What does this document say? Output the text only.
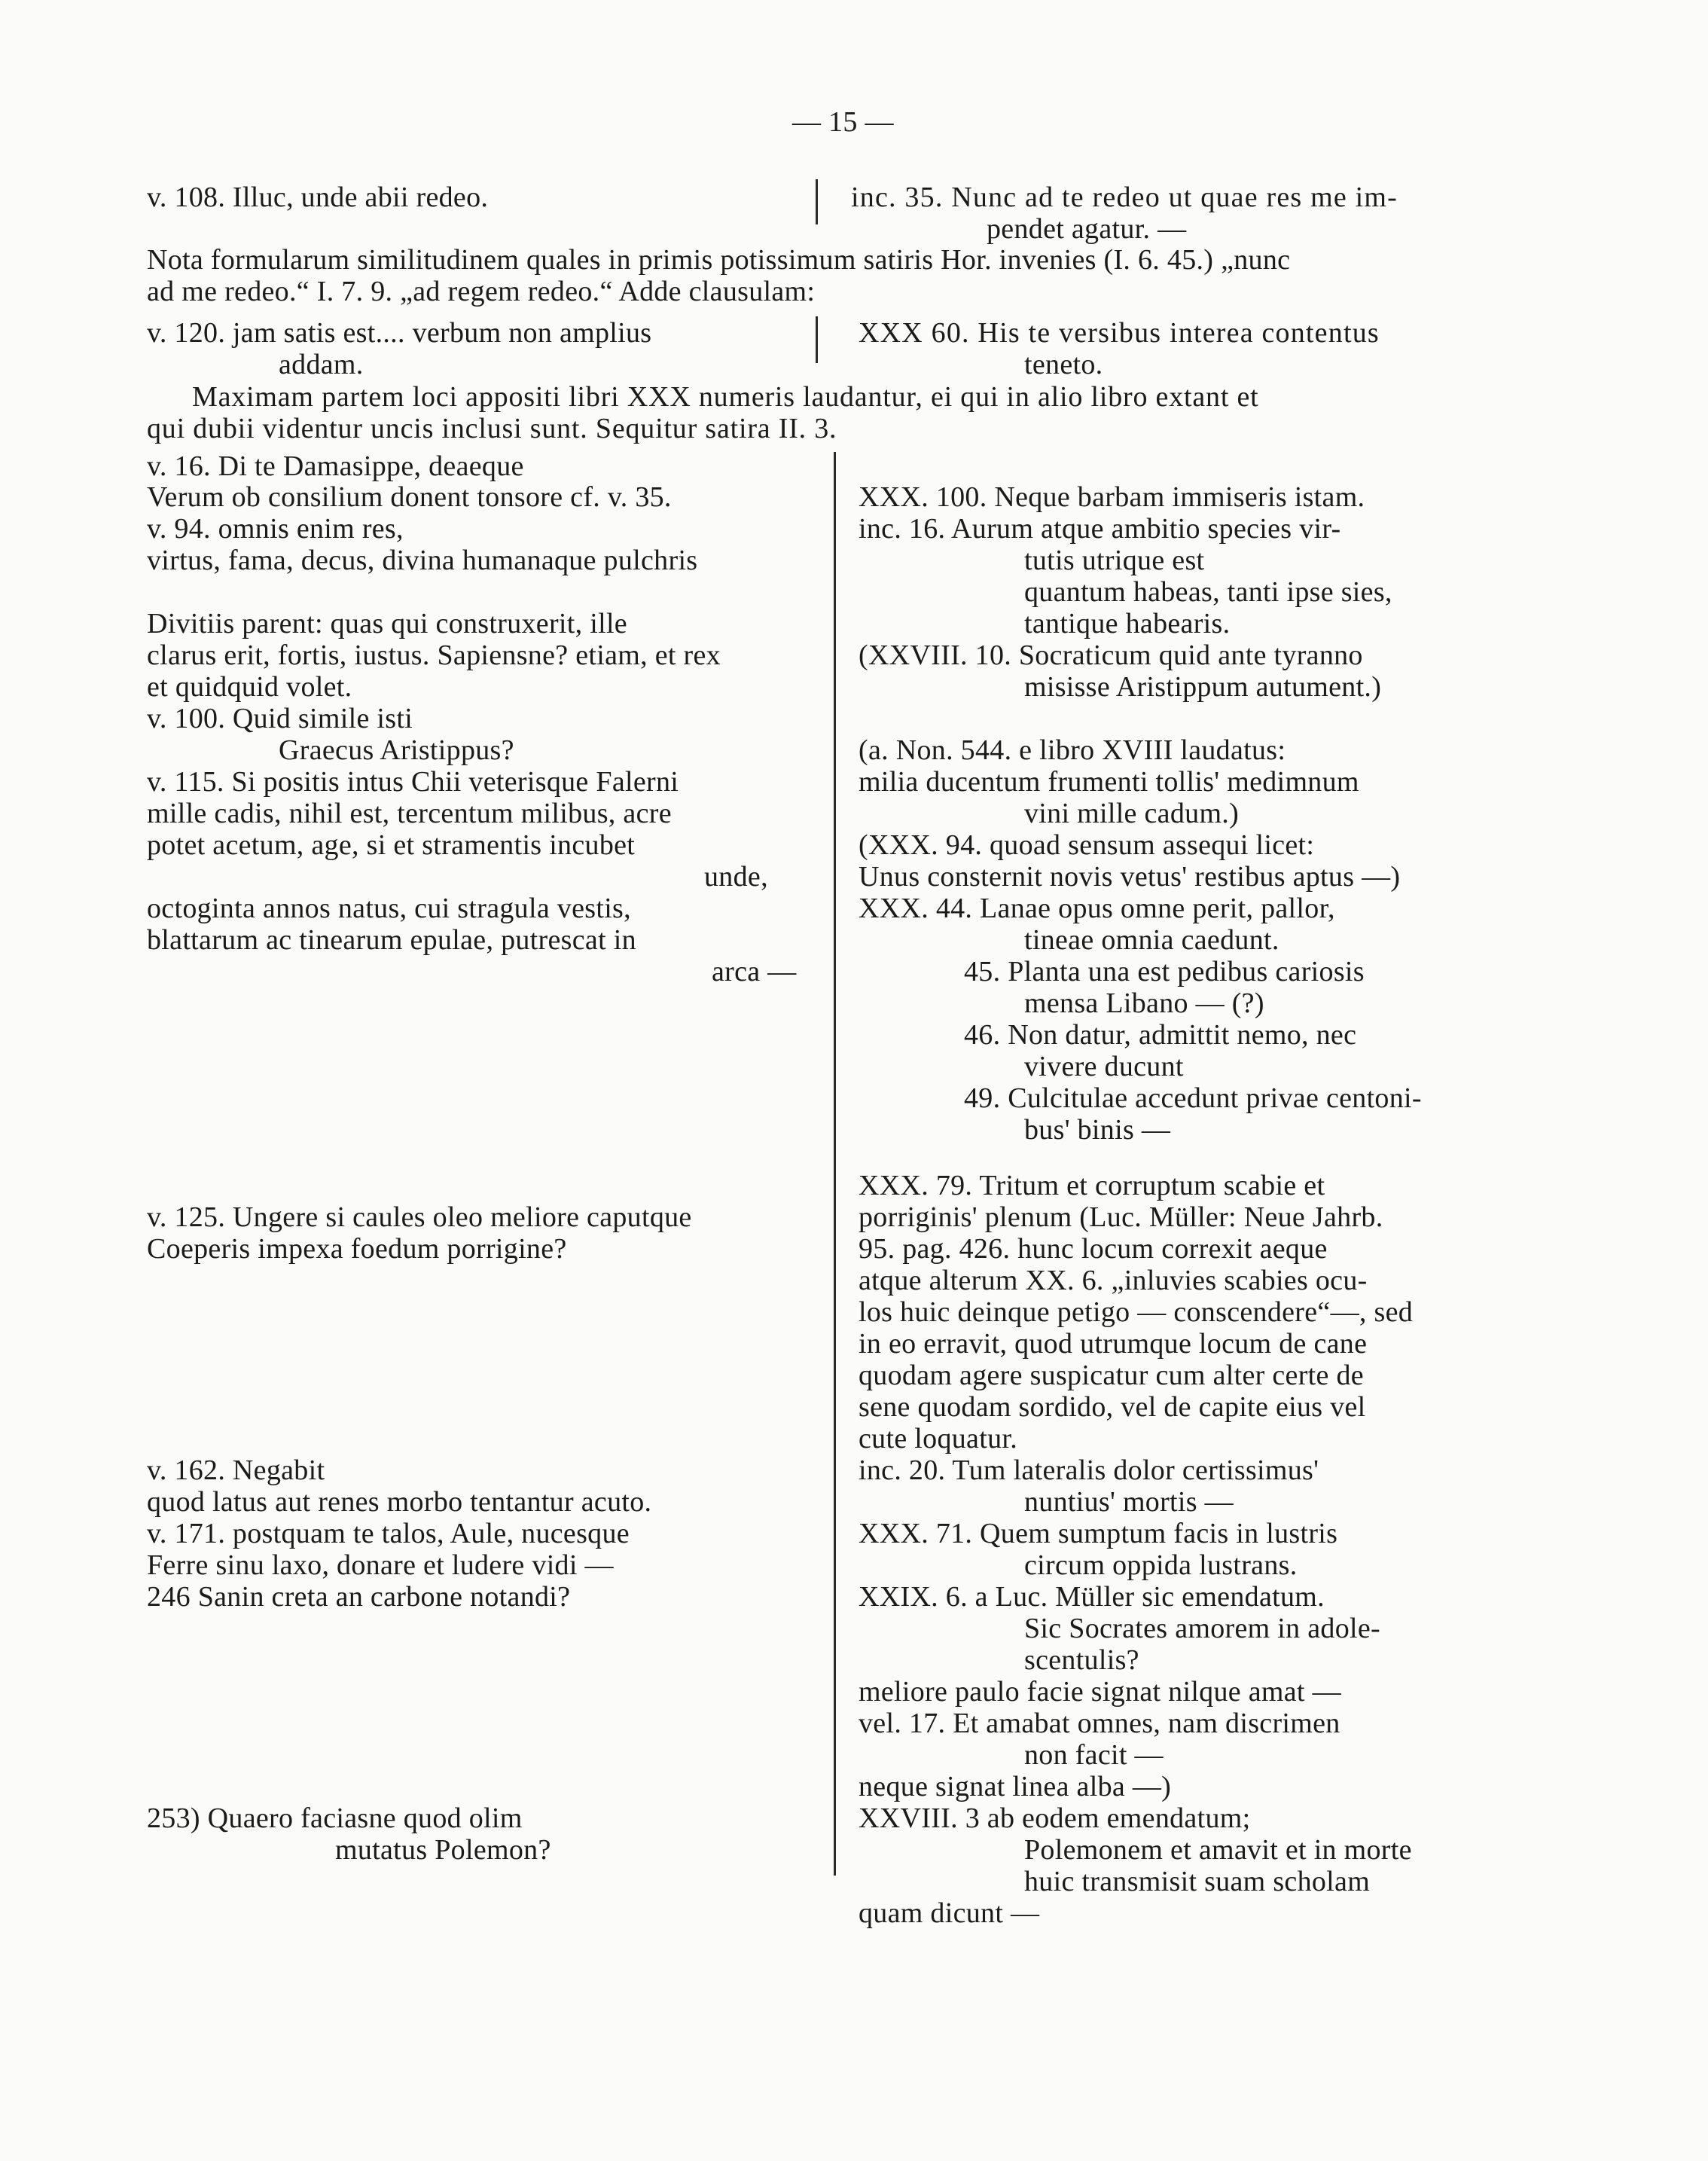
— 15 —
v. 108. Illuc, unde abii redeo.	inc. 35. Nunc ad te redeo ut quae res me im-
pendet agatur. —
Nota formularum similitudinem quales in primis potissimum satiris Hor. invenies (I. 6. 45.) „nunc
ad me redeo.“ I. 7. 9. „ad regem redeo.“ Adde clausulam:
v. 120. jam satis est.... verbum non amplius	XXX 60. His te versibus interea contentus
addam.	teneto.
Maximam partem loci appositi libri XXX numeris laudantur, ei qui in alio libro extant et
qui dubii videntur uncis inclusi sunt. Sequitur satira II. 3.
v. 16. Di te Damasippe, deaeque
Verum ob consilium donent tonsore cf. v. 35.	XXX. 100. Neque barbam immiseris istam.
v. 94. omnis enim res,	inc. 16. Aurum atque ambitio species vir-
virtus, fama, decus, divina humanaque pulchris	tutis utrique est
quantum habeas, tanti ipse sies,
Divitiis parent: quas qui construxerit, ille	tantique habearis.
clarus erit, fortis, iustus. Sapiensne? etiam, et rex	(XXVIII. 10. Socraticum quid ante tyranno
et quidquid volet.	misisse Aristippum autument.)
v. 100. Quid simile isti
Graecus Aristippus?	(a. Non. 544. e libro XVIII laudatus:
v. 115. Si positis intus Chii veterisque Falerni	milia ducentum frumenti tollis' medimnum
mille cadis, nihil est, tercentum milibus, acre	vini mille cadum.)
potet acetum, age, si et stramentis incubet	(XXX. 94. quoad sensum assequi licet:
unde,	Unus consternit novis vetus' restibus aptus —)
octoginta annos natus, cui stragula vestis,	XXX. 44. Lanae opus omne perit, pallor,
blattarum ac tinearum epulae, putrescat in	tineae omnia caedunt.
arca —	45. Planta una est pedibus cariosis
mensa Libano — (?)
46. Non datur, admittit nemo, nec
vivere ducunt
49. Culcitulae accedunt privae centoni-
bus' binis —
XXX. 79. Tritum et corruptum scabie et
v. 125. Ungere si caules oleo meliore caputque	porriginis' plenum (Luc. Müller: Neue Jahrb.
Coeperis impexa foedum porrigine?	95. pag. 426. hunc locum correxit aeque
atque alterum XX. 6. „inluvies scabies ocu-
los huic deinque petigo — conscendere“—, sed
in eo erravit, quod utrumque locum de cane
quodam agere suspicatur cum alter certe de
sene quodam sordido, vel de capite eius vel
cute loquatur.
v. 162. Negabit	inc. 20. Tum lateralis dolor certissimus'
quod latus aut renes morbo tentantur acuto.	nuntius' mortis —
v. 171. postquam te talos, Aule, nucesque	XXX. 71. Quem sumptum facis in lustris
Ferre sinu laxo, donare et ludere vidi —	circum oppida lustrans.
246 Sanin creta an carbone notandi?	XXIX. 6. a Luc. Müller sic emendatum.
Sic Socrates amorem in adole-
scentulis?
meliore paulo facie signat nilque amat —
vel. 17. Et amabat omnes, nam discrimen
non facit —
neque signat linea alba —)
253) Quaero faciasne quod olim	XXVIII. 3 ab eodem emendatum;
mutatus Polemon?	Polemonem et amavit et in morte
huic transmisit suam scholam
quam dicunt —
